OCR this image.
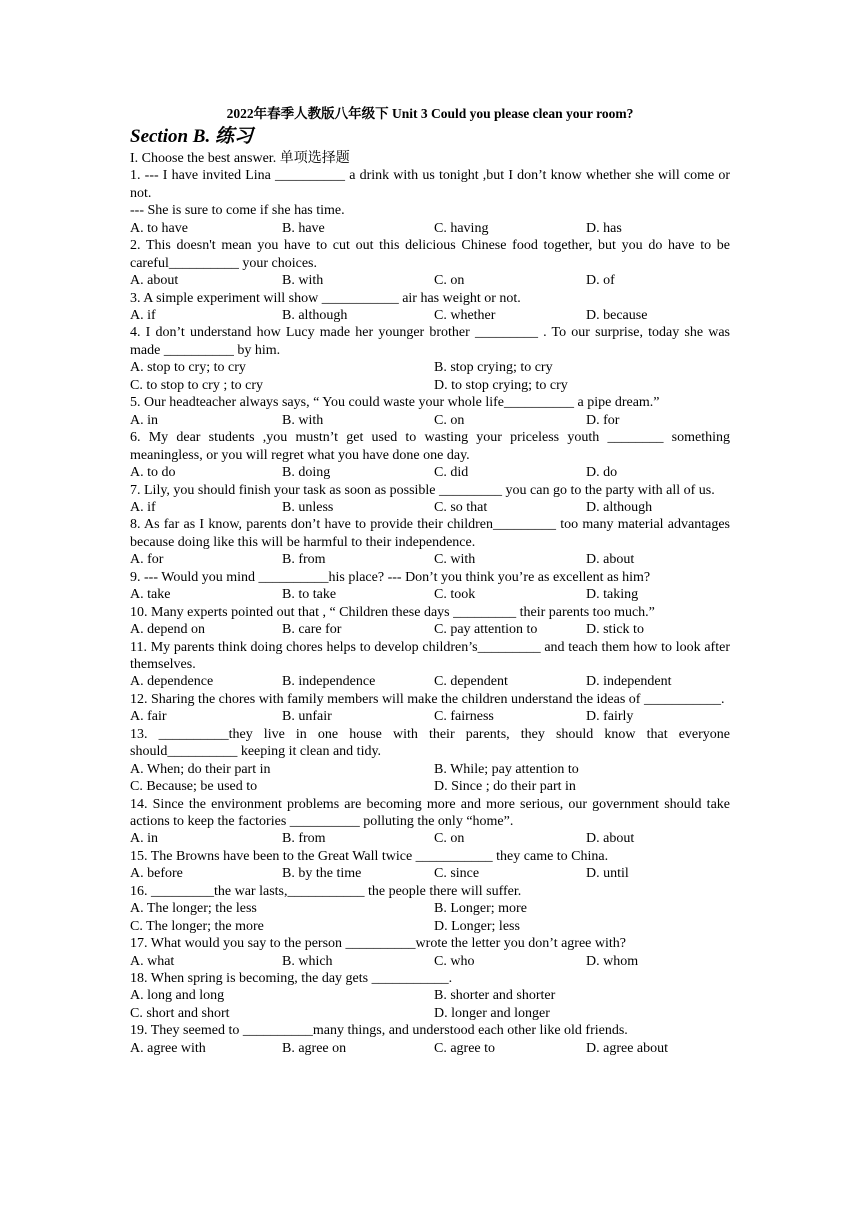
2022年春季人教版八年级下 Unit 3 Could you please clean your room?
Section B. 练习
I. Choose the best answer. 单项选择题
1. --- I have invited Lina __________ a drink with us tonight ,but I don’t know whether she will come or not.
--- She is sure to come if she has time.
A. to have	B. have	C. having	D. has
2. This doesn't mean you have to cut out this delicious Chinese food together, but you do have to be careful__________ your choices.
A. about	B. with	C. on	D. of
3. A simple experiment will show ___________ air has weight or not.
A. if	B. although	C. whether	D. because
4. I don’t understand how Lucy made her younger brother _________ . To our surprise, today she was made __________ by him.
A. stop to cry; to cry	B. stop crying; to cry
C. to stop to cry ; to cry	D. to stop crying; to cry
5. Our headteacher always says, “ You could waste your whole life__________ a pipe dream.”
A. in	B. with	C. on	D. for
6. My dear students ,you mustn’t get used to wasting your priceless youth ________ something meaningless, or you will regret what you have done one day.
A. to do	B. doing	C. did	D. do
7. Lily, you should finish your task as soon as possible _________ you can go to the party with all of us.
A. if	B. unless	C. so that	D. although
8. As far as I know, parents don’t have to provide their children_________ too many material advantages because doing like this will be harmful to their independence.
A. for	B. from	C. with	D. about
9. --- Would you mind __________his place? --- Don’t you think you’re as excellent as him?
A. take	B. to take	C. took	D. taking
10. Many experts pointed out that , “ Children these days _________ their parents too much.”
A. depend on	B. care for	C. pay attention to	D. stick to
11. My parents think doing chores helps to develop children’s_________ and teach them how to look after themselves.
A. dependence	B. independence	C. dependent	D. independent
12. Sharing the chores with family members will make the children understand the ideas of ___________.
A. fair	B. unfair	C. fairness	D. fairly
13. __________they live in one house with their parents, they should know that everyone should__________ keeping it clean and tidy.
A. When; do their part in	B. While; pay attention to
C. Because; be used to	D. Since ; do their part in
14. Since the environment problems are becoming more and more serious, our government should take actions to keep the factories __________ polluting the only “home”.
A. in	B. from	C. on	D. about
15. The Browns have been to the Great Wall twice ___________ they came to China.
A. before	B. by the time	C. since	D. until
16. _________the war lasts,___________ the people there will suffer.
A. The longer; the less	B. Longer; more
C. The longer; the more	D. Longer; less
17. What would you say to the person __________wrote the letter you don’t agree with?
A. what	B. which	C. who	D. whom
18. When spring is becoming, the day gets ___________.
A. long and long	B. shorter and shorter
C. short and short	D. longer and longer
19. They seemed to __________many things, and understood each other like old friends.
A. agree with	B. agree on	C. agree to	D. agree about
